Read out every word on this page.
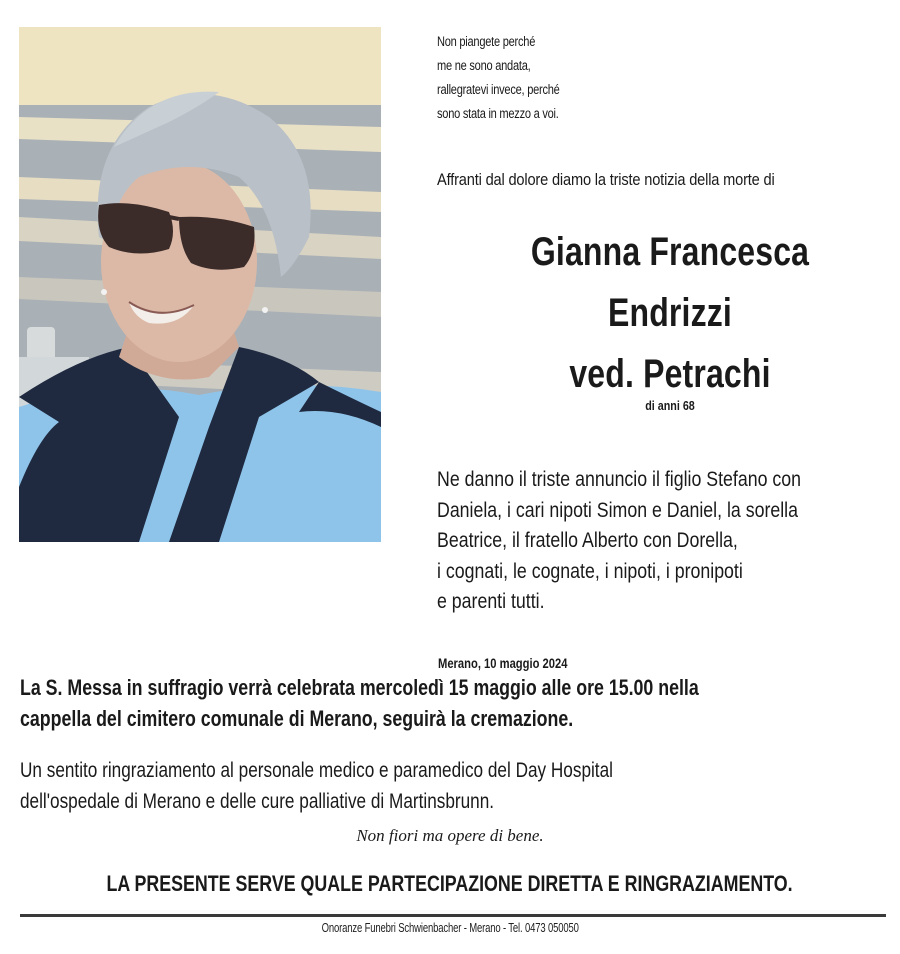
Non piangete perché
me ne sono andata,
rallegratevi invece, perché
sono stata in mezzo a voi.
Affranti dal dolore diamo la triste notizia della morte di
Gianna Francesca
Endrizzi
ved. Petrachi
di anni 68
Ne danno il triste annuncio il figlio Stefano con
Daniela, i cari nipoti Simon e Daniel, la sorella
Beatrice, il fratello Alberto con Dorella,
i cognati, le cognate, i nipoti, i pronipoti
e parenti tutti.
Merano, 10 maggio 2024
La S. Messa in suffragio verrà celebrata mercoledì 15 maggio alle ore 15.00 nella
cappella del cimitero comunale di Merano, seguirà la cremazione.
Un sentito ringraziamento al personale medico e paramedico del Day Hospital
dell'ospedale di Merano e delle cure palliative di Martinsbrunn.
Non fiori ma opere di bene.
LA PRESENTE SERVE QUALE PARTECIPAZIONE DIRETTA E RINGRAZIAMENTO.
Onoranze Funebri Schwienbacher - Merano - Tel. 0473 050050
